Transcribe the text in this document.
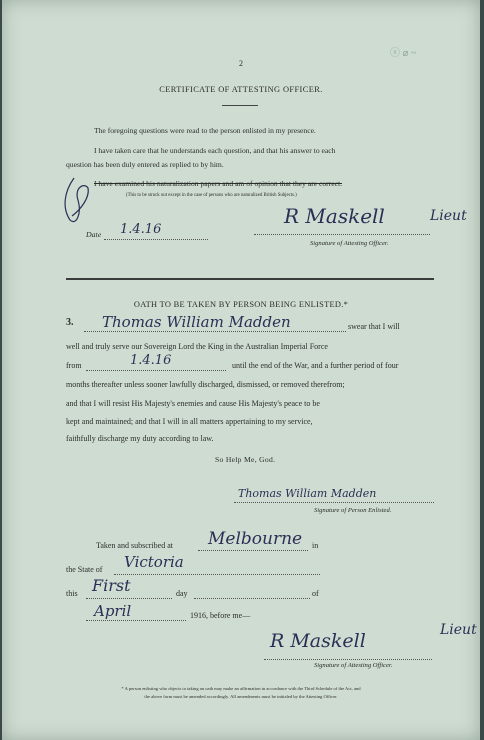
2
ⓢ ⌀ ~
CERTIFICATE OF ATTESTING OFFICER.
The foregoing questions were read to the person enlisted in my presence.
I have taken care that he understands each question, and that his answer to each
question has been duly entered as replied to by him.
I have examined his naturalization papers and am of opinion that they are correct.
(This to be struck out except in the case of persons who are naturalized British Subjects.)
Date 1.4.16
R Maskell	Lieut
Signature of Attesting Officer.
OATH TO BE TAKEN BY PERSON BEING ENLISTED.*
3. Thomas William Madden	swear that I will
well and truly serve our Sovereign Lord the King in the Australian Imperial Force
from	1.4.16	until the end of the War, and a further period of four
months thereafter unless sooner lawfully discharged, dismissed, or removed therefrom;
and that I will resist His Majesty's enemies and cause His Majesty's peace to be
kept and maintained; and that I will in all matters appertaining to my service,
faithfully discharge my duty according to law.
So Help Me, God.
Thomas William Madden
Signature of Person Enlisted.
Taken and subscribed at Melbourne in
the State of Victoria
this First	day	of
April	1916, before me—
R Maskell	Lieut
Signature of Attesting Officer.
* A person enlisting who objects to taking an oath may make an affirmation in accordance with the Third Schedule of the Act, and
the above form must be amended accordingly. All amendments must be initialed by the Attesting Officer.
